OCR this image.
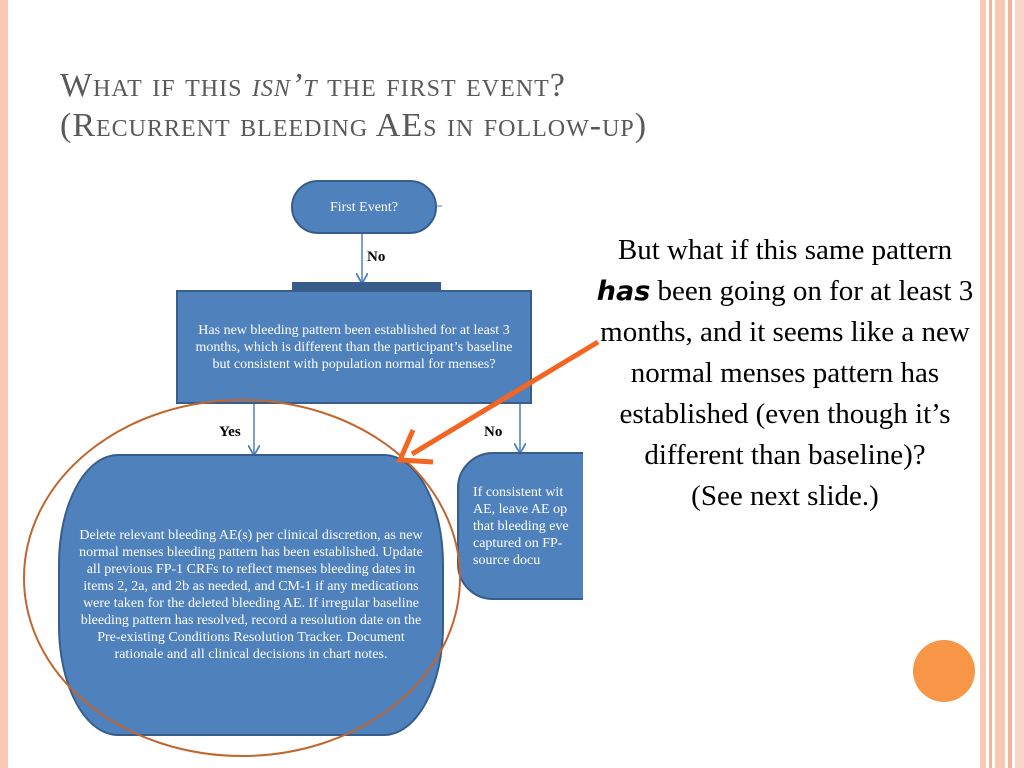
What if this isn’t the first event?
(Recurrent bleeding AEs in follow-up)
First Event?
No
Has new bleeding pattern been established for at least 3 months, which is different than the participant’s baseline but consistent with population normal for menses?
Yes	No
Delete relevant bleeding AE(s) per clinical discretion, as new normal menses bleeding pattern has been established. Update all previous FP-1 CRFs to reflect menses bleeding dates in items 2, 2a, and 2b as needed, and CM-1 if any medications were taken for the deleted bleeding AE. If irregular baseline bleeding pattern has resolved, record a resolution date on the Pre-existing Conditions Resolution Tracker. Document rationale and all clinical decisions in chart notes.
If consistent wit
AE, leave AE op
that bleeding eve
captured on FP-
source docu
But what if this same pattern has been going on for at least 3 months, and it seems like a new normal menses pattern has established (even though it’s different than baseline)?
(See next slide.)
